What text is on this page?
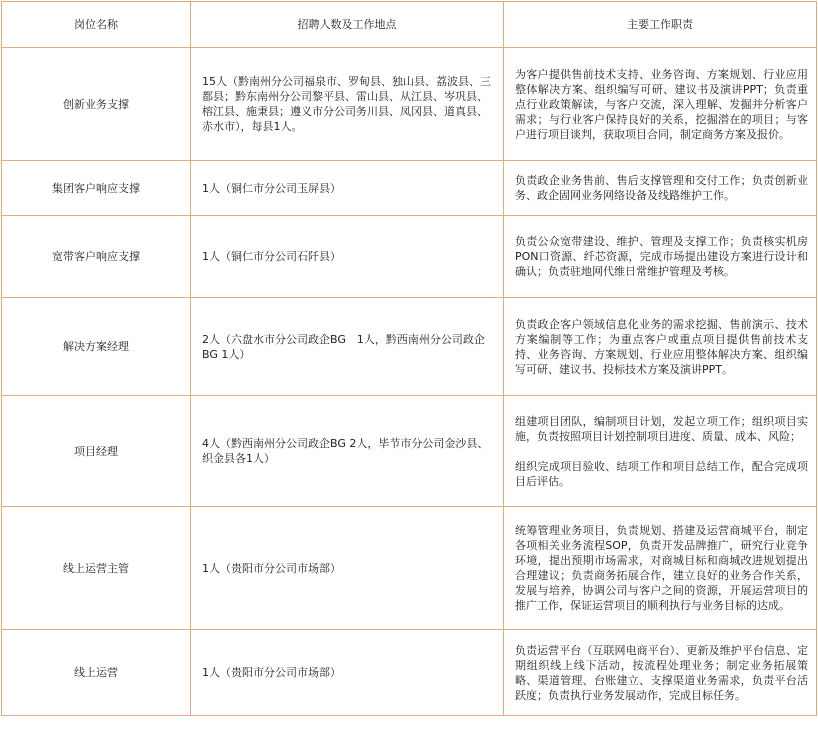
岗位名称	招聘人数及工作地点	主要工作职责
创新业务支撑	15人（黔南州分公司福泉市、罗甸县、独山县、荔波县、三都县；黔东南州分公司黎平县、雷山县、从江县、岑巩县、榕江县、施秉县；遵义市分公司务川县、凤冈县、道真县、赤水市），每县1人。	为客户提供售前技术支持、业务咨询、方案规划、行业应用整体解决方案、组织编写可研、建议书及演讲PPT；负责重点行业政策解读，与客户交流，深入理解、发掘并分析客户需求；与行业客户保持良好的关系，挖掘潜在的项目；与客户进行项目谈判，获取项目合同，制定商务方案及报价。

集团客户响应支撑	1人（铜仁市分公司玉屏县）	负责政企业务售前、售后支撑管理和交付工作；负责创新业务、政企固网业务网络设备及线路维护工作。

宽带客户响应支撑	1人（铜仁市分公司石阡县）	负责公众宽带建设、维护、管理及支撑工作；负责核实机房PON口资源、纤芯资源，完成市场提出建设方案进行设计和确认；负责驻地网代维日常维护管理及考核。

解决方案经理	2人（六盘水市分公司政企BG　1人，黔西南州分公司政企BG 1人）	负责政企客户领域信息化业务的需求挖掘、售前演示、技术方案编制等工作；为重点客户或重点项目提供售前技术支持、业务咨询、方案规划、行业应用整体解决方案、组织编写可研、建议书、投标技术方案及演讲PPT。

项目经理	4人（黔西南州分公司政企BG 2人，毕节市分公司金沙县、织金县各1人）	组建项目团队，编制项目计划，发起立项工作；组织项目实施，负责按照项目计划控制项目进度、质量、成本、风险；
组织完成项目验收、结项工作和项目总结工作，配合完成项目后评估。

线上运营主管	1人（贵阳市分公司市场部）	统筹管理业务项目，负责规划、搭建及运营商城平台，制定各项相关业务流程SOP，负责开发品牌推广，研究行业竞争环境，提出预期市场需求，对商城目标和商城改进规划提出合理建议；负责商务拓展合作，建立良好的业务合作关系，发展与培养，协调公司与客户之间的资源，开展运营项目的推广工作，保证运营项目的顺利执行与业务目标的达成。

线上运营	1人（贵阳市分公司市场部）	负责运营平台（互联网电商平台）、更新及维护平台信息、定期组织线上线下活动，按流程处理业务；制定业务拓展策略、渠道管理、台账建立、支撑渠道业务需求，负责平台活跃度；负责执行业务发展动作，完成目标任务。
